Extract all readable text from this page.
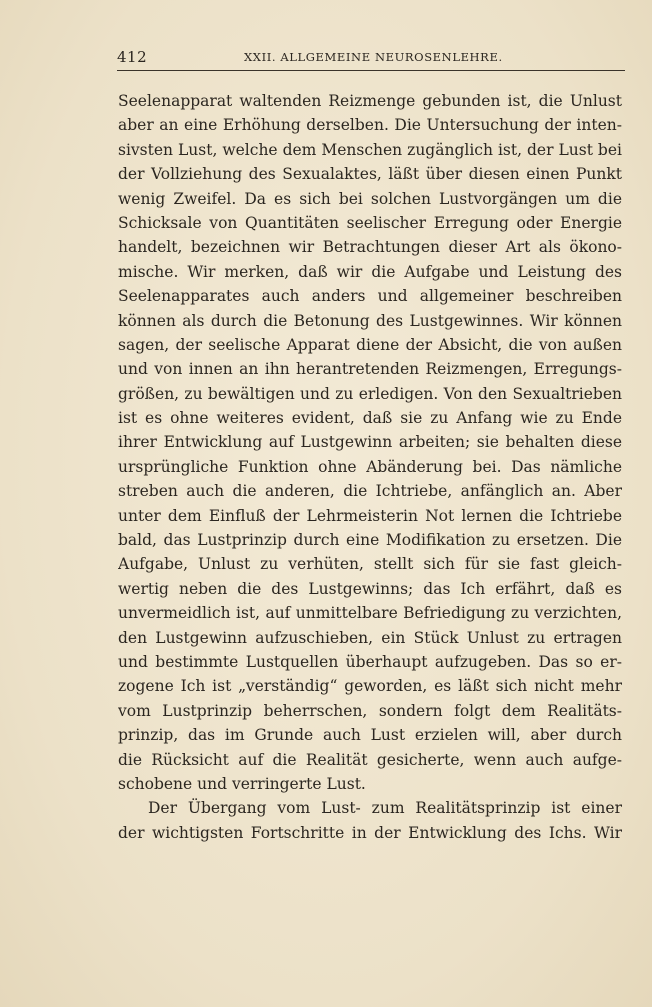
412	XXII. ALLGEMEINE NEUROSENLEHRE.
Seelenapparat waltenden Reizmenge gebunden ist, die Unlust
aber an eine Erhöhung derselben. Die Untersuchung der inten-
sivsten Lust, welche dem Menschen zugänglich ist, der Lust bei
der Vollziehung des Sexualaktes, läßt über diesen einen Punkt
wenig Zweifel. Da es sich bei solchen Lustvorgängen um die
Schicksale von Quantitäten seelischer Erregung oder Energie
handelt, bezeichnen wir Betrachtungen dieser Art als ökono-
mische. Wir merken, daß wir die Aufgabe und Leistung des
Seelenapparates auch anders und allgemeiner beschreiben
können als durch die Betonung des Lustgewinnes. Wir können
sagen, der seelische Apparat diene der Absicht, die von außen
und von innen an ihn herantretenden Reizmengen, Erregungs-
größen, zu bewältigen und zu erledigen. Von den Sexualtrieben
ist es ohne weiteres evident, daß sie zu Anfang wie zu Ende
ihrer Entwicklung auf Lustgewinn arbeiten; sie behalten diese
ursprüngliche Funktion ohne Abänderung bei. Das nämliche
streben auch die anderen, die Ichtriebe, anfänglich an. Aber
unter dem Einfluß der Lehrmeisterin Not lernen die Ichtriebe
bald, das Lustprinzip durch eine Modifikation zu ersetzen. Die
Aufgabe, Unlust zu verhüten, stellt sich für sie fast gleich-
wertig neben die des Lustgewinns; das Ich erfährt, daß es
unvermeidlich ist, auf unmittelbare Befriedigung zu verzichten,
den Lustgewinn aufzuschieben, ein Stück Unlust zu ertragen
und bestimmte Lustquellen überhaupt aufzugeben. Das so er-
zogene Ich ist „verständig“ geworden, es läßt sich nicht mehr
vom Lustprinzip beherrschen, sondern folgt dem Realitäts-
prinzip, das im Grunde auch Lust erzielen will, aber durch
die Rücksicht auf die Realität gesicherte, wenn auch aufge-
schobene und verringerte Lust.
Der Übergang vom Lust- zum Realitätsprinzip ist einer
der wichtigsten Fortschritte in der Entwicklung des Ichs. Wir
